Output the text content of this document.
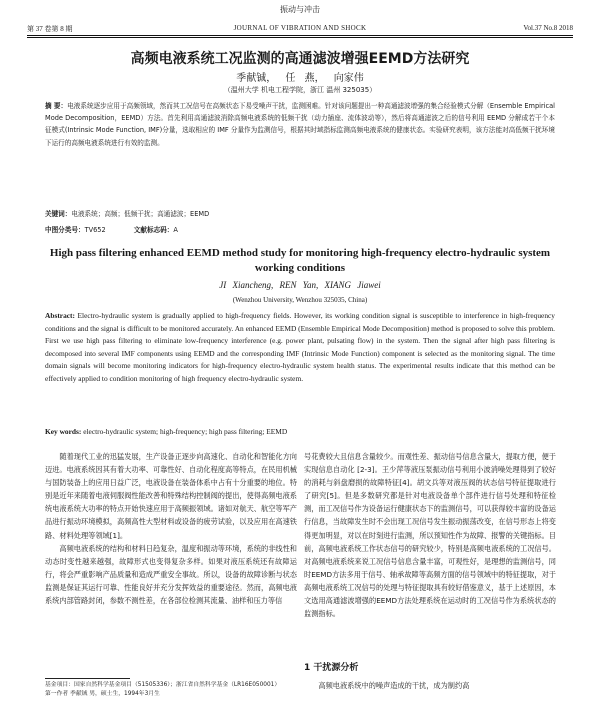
振动与冲击
第 37 卷第 8 期	JOURNAL OF VIBRATION AND SHOCK	Vol.37 No.8 2018
高频电液系统工况监测的高通滤波增强EEMD方法研究
季献铖， 任 燕， 向家伟
（温州大学 机电工程学院，浙江 温州 325035）
摘 要：电液系统逐步应用于高频领域，然而其工况信号在高频状态下易受噪声干扰，监测困难。针对该问题提出一种高通滤波增强的集合经验模式分解（Ensemble Empirical Mode Decomposition，EEMD）方法。首先利用高通滤波消除高频电液系统的低频干扰（动力插座、流体波动等），然后将高通滤波之后的信号利用 EEMD 分解成若干个本征模式(Intrinsic Mode Function, IMF)分量，选取相应的 IMF 分量作为监测信号，根据其时域指标监测高频电液系统的健康状态。实验研究表明，该方法能对高低频干扰环境下运行的高频电液系统进行有效的监测。
关键词：电液系统；高频；低频干扰；高通滤波；EEMD
中图分类号：TV652	文献标志码：A
High pass filtering enhanced EEMD method study for monitoring high-frequency electro-hydraulic system working conditions
JI Xiancheng, REN Yan, XIANG Jiawei
(Wenzhou University, Wenzhou 325035, China)
Abstract: Electro-hydraulic system is gradually applied to high-frequency fields. However, its working condition signal is susceptible to interference in high-frequency conditions and the signal is difficult to be monitored accurately. An enhanced EEMD (Ensemble Empirical Mode Decomposition) method is proposed to solve this problem. First we use high pass filtering to eliminate low-frequency interference (e.g. power plant, pulsating flow) in the system. Then the signal after high pass filtering is decomposed into several IMF components using EEMD and the corresponding IMF (Intrinsic Mode Function) component is selected as the monitoring signal. The time domain signals will become monitoring indicators for high-frequency electro-hydraulic system health status. The experimental results indicate that this method can be effectively applied to condition monitoring of high frequency electro-hydraulic system.
Key words: electro-hydraulic system; high-frequency; high pass filtering; EEMD

随着现代工业的迅猛发展，生产设备正逐步向高速化、自动化和智能化方向迈进。电液系统因其有着大功率、可靠性好、自动化程度高等特点，在民用机械与国防装备上的应用日益广泛，电液设备在装备体系中占有十分重要的地位。特别是近年来随着电液伺服阀性能改善和特殊结构控制阀的提出，使得高频电液系统电液系统大功率的特点开始快速应用于高频振领域。诸如对航天、航空等军产品进行振动环境模拟，高频高性大型材料或设备的疲劳试验，以及应用在高速铁路、材料处理等领域[1]。

高频电液系统的结构和材料日趋复杂，温度和振动等环境，系统的非线性和动态时变性越来越强，故障形式也变得复杂多样。如果对液压系统还有故障运行，将会严重影响产品质量和造成严重安全事故。所以，设备的故障诊断与状态监测是保证其运行可靠、性能良好并充分发挥效益的重要途径。然而，高频电液系统内部管路封闭，参数不测性差，在各部位检测其流量、油样和压力等信

号花费较大且信息含量较少。而观性差、振动信号信息含量大，提取方便，便于实现信息自动化 [2-3]。王少萍等液压泵振动信号利用小波消噪处理得到了较好的消耗与斜盘磨损的故障特征[4]。胡文兵等对液压阀的状态信号特征提取进行了研究[5]。但是多数研究都是针对电液设备单个部件进行信号处理和特征检测，而工况信号作为设备运行健康状态下的监测信号，可以获得较丰富的设备运行信息，当故障发生时不会出现工况信号发生振动振荡改变，在信号形态上将变得更加明显，对以在时刻进行监测，所以预知性作为故障、报警的关键指标。目前，高频电液系统工作状态信号的研究较少，特别是高频电液系统的工况信号。对高频电液系统来说工况信号信息含量丰富，可观性好，是理想的监测信号，同时EEMD方法多用于信号、轴承故障等高频方面的信号领域中的特征提取，对于高频电液系统工况信号的处理与特征提取具有较好借鉴意义，基于上述原因，本文选用高通滤波增强的EEMD方法处理系统在运动时的工况信号作为系统状态的监测指标。

1 干扰源分析
高频电液系统中的噪声造成的干扰，成为制约高
基金项目：国家自然科学基金项目（51505336）；浙江省自然科学基金（LR16E050001）
第一作者 季献铖 男，硕士生，1994年3月生
